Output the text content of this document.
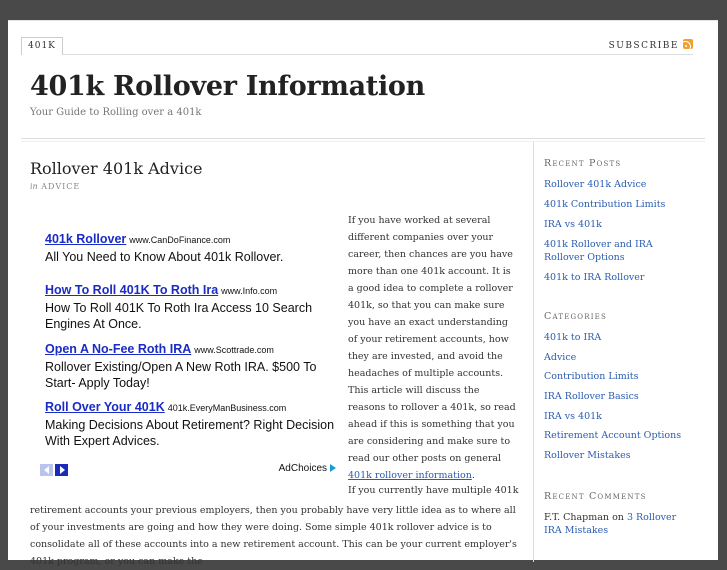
401K	SUBSCRIBE
401k Rollover Information
Your Guide to Rolling over a 401k
Rollover 401k Advice
in ADVICE
401k Rollover www.CanDoFinance.com
All You Need to Know About 401k Rollover.
How To Roll 401K To Roth Ira www.Info.com
How To Roll 401K To Roth Ira Access 10 Search Engines At Once.
Open A No-Fee Roth IRA www.Scottrade.com
Rollover Existing/Open A New Roth IRA. $500 To Start- Apply Today!
Roll Over Your 401K 401k.EveryManBusiness.com
Making Decisions About Retirement? Right Decision With Expert Advices.
AdChoices
If you have worked at several different companies over your career, then chances are you have more than one 401k account. It is a good idea to complete a rollover 401k, so that you can make sure you have an exact understanding of your retirement accounts, how they are invested, and avoid the headaches of multiple accounts. This article will discuss the reasons to rollover a 401k, so read ahead if this is something that you are considering and make sure to read our other posts on general 401k rollover information.
If you currently have multiple 401k
retirement accounts your previous employers, then you probably have very little idea as to where all of your investments are going and how they were doing. Some simple 401k rollover advice is to consolidate all of these accounts into a new retirement account. This can be your current employer's 401k program, or you can make the
Recent Posts
Rollover 401k Advice
401k Contribution Limits
IRA vs 401k
401k Rollover and IRA Rollover Options
401k to IRA Rollover
Categories
401k to IRA
Advice
Contribution Limits
IRA Rollover Basics
IRA vs 401k
Retirement Account Options
Rollover Mistakes
Recent Comments
F.T. Chapman on 3 Rollover IRA Mistakes
